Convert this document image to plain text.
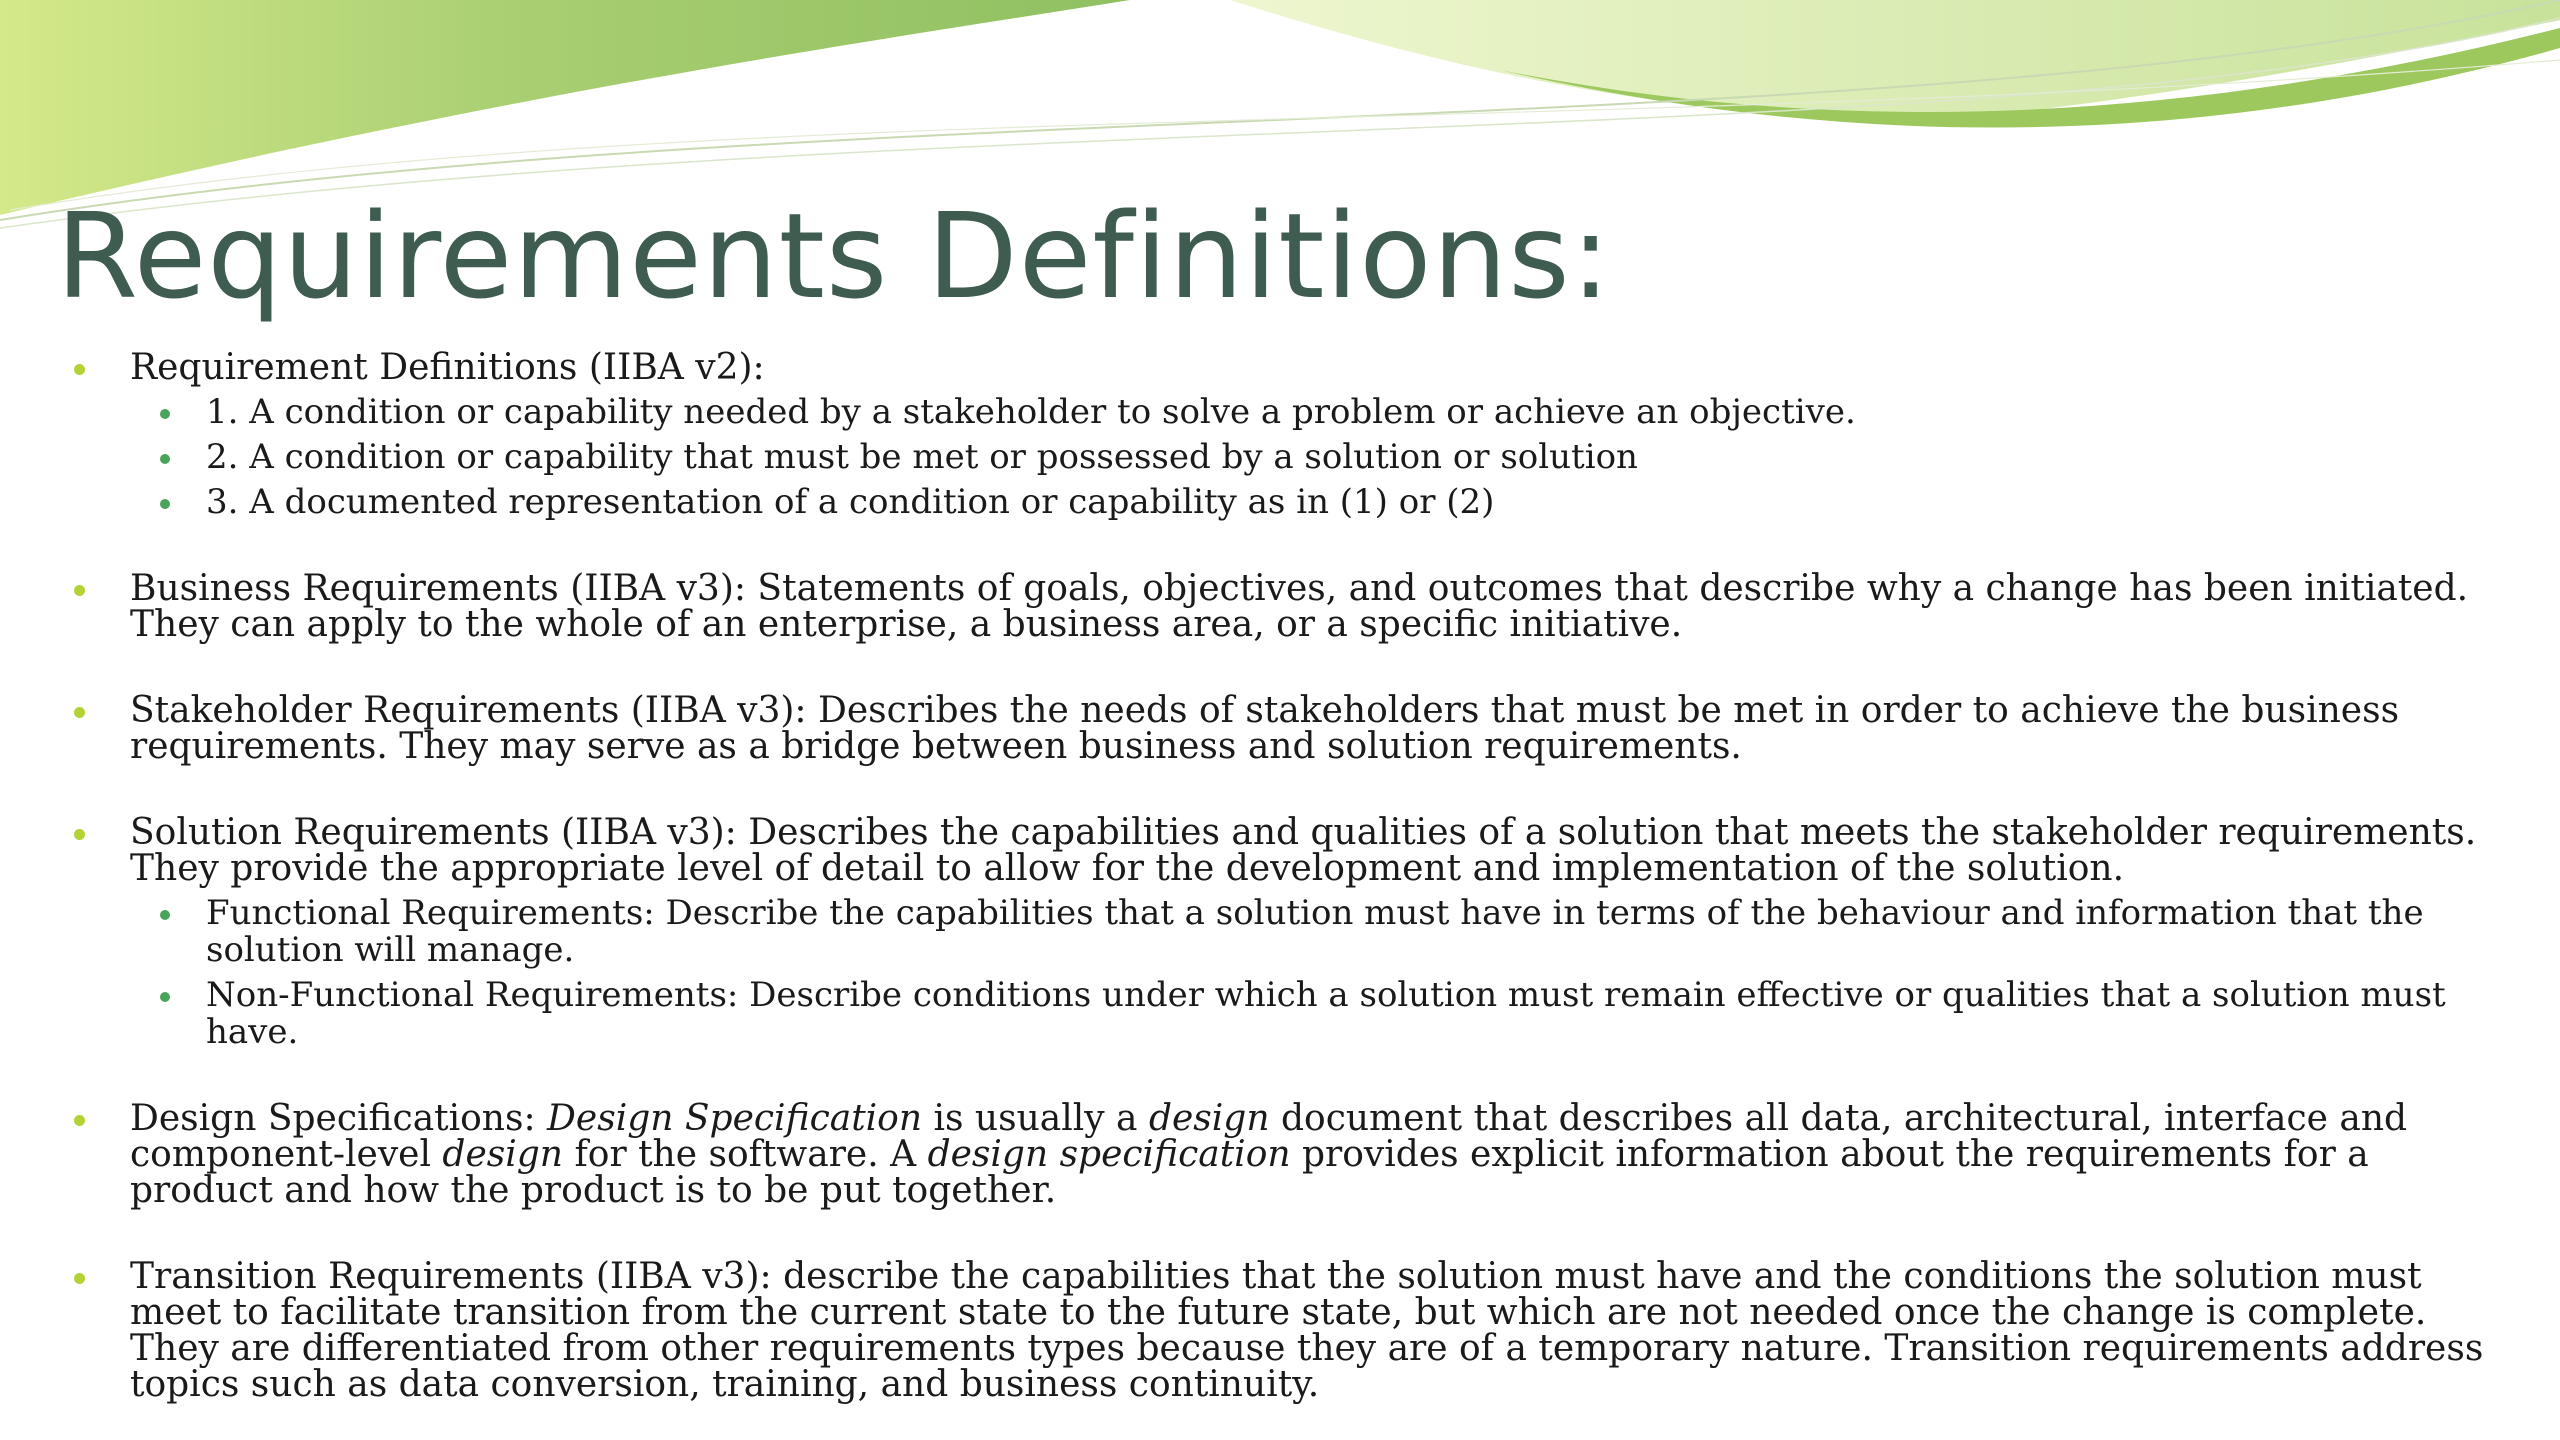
Requirements Definitions:
Requirement Definitions (IIBA v2):
1. A condition or capability needed by a stakeholder to solve a problem or achieve an objective.
2. A condition or capability that must be met or possessed by a solution or solution
3. A documented representation of a condition or capability as in (1) or (2)
Business Requirements (IIBA v3): Statements of goals, objectives, and outcomes that describe why a change has been initiated. They can apply to the whole of an enterprise, a business area, or a specific initiative.
Stakeholder Requirements (IIBA v3): Describes the needs of stakeholders that must be met in order to achieve the business requirements. They may serve as a bridge between business and solution requirements.
Solution Requirements (IIBA v3): Describes the capabilities and qualities of a solution that meets the stakeholder requirements. They provide the appropriate level of detail to allow for the development and implementation of the solution.
Functional Requirements: Describe the capabilities that a solution must have in terms of the behaviour and information that the solution will manage.
Non-Functional Requirements: Describe conditions under which a solution must remain effective or qualities that a solution must have.
Design Specifications: Design Specification is usually a design document that describes all data, architectural, interface and component-level design for the software. A design specification provides explicit information about the requirements for a product and how the product is to be put together.
Transition Requirements (IIBA v3): describe the capabilities that the solution must have and the conditions the solution must meet to facilitate transition from the current state to the future state, but which are not needed once the change is complete. They are differentiated from other requirements types because they are of a temporary nature. Transition requirements address topics such as data conversion, training, and business continuity.
